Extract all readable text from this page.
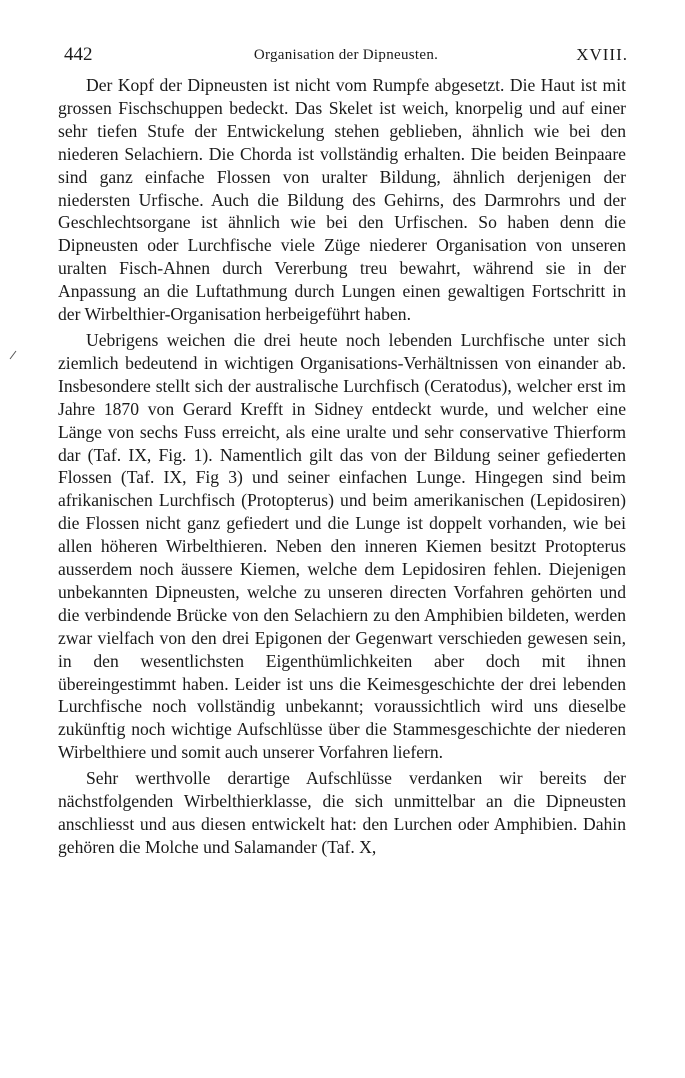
442	Organisation der Dipneusten.	XVIII.

Der Kopf der Dipneusten ist nicht vom Rumpfe abgesetzt. Die Haut ist mit grossen Fischschuppen bedeckt. Das Skelet ist weich, knorpelig und auf einer sehr tiefen Stufe der Entwickelung stehen geblieben, ähnlich wie bei den niederen Selachiern. Die Chorda ist vollständig erhalten. Die beiden Beinpaare sind ganz einfache Flossen von uralter Bildung, ähnlich derjenigen der niedersten Urfische. Auch die Bildung des Gehirns, des Darmrohrs und der Geschlechtsorgane ist ähnlich wie bei den Urfischen. So haben denn die Dipneusten oder Lurchfische viele Züge niederer Organisation von unseren uralten Fisch-Ahnen durch Vererbung treu bewahrt, während sie in der Anpassung an die Luftathmung durch Lungen einen gewaltigen Fortschritt in der Wirbelthier-Organisation herbeigeführt haben.

Uebrigens weichen die drei heute noch lebenden Lurchfische unter sich ziemlich bedeutend in wichtigen Organisations-Verhältnissen von einander ab. Insbesondere stellt sich der australische Lurchfisch (Ceratodus), welcher erst im Jahre 1870 von Gerard Krefft in Sidney entdeckt wurde, und welcher eine Länge von sechs Fuss erreicht, als eine uralte und sehr conservative Thierform dar (Taf. IX, Fig. 1). Namentlich gilt das von der Bildung seiner gefiederten Flossen (Taf. IX, Fig 3) und seiner einfachen Lunge. Hingegen sind beim afrikanischen Lurchfisch (Protopterus) und beim amerikanischen (Lepidosiren) die Flossen nicht ganz gefiedert und die Lunge ist doppelt vorhanden, wie bei allen höheren Wirbelthieren. Neben den inneren Kiemen besitzt Protopterus ausserdem noch äussere Kiemen, welche dem Lepidosiren fehlen. Diejenigen unbekannten Dipneusten, welche zu unseren directen Vorfahren gehörten und die verbindende Brücke von den Selachiern zu den Amphibien bildeten, werden zwar vielfach von den drei Epigonen der Gegenwart verschieden gewesen sein, in den wesentlichsten Eigenthümlichkeiten aber doch mit ihnen übereingestimmt haben. Leider ist uns die Keimesgeschichte der drei lebenden Lurchfische noch vollständig unbekannt; voraussichtlich wird uns dieselbe zukünftig noch wichtige Aufschlüsse über die Stammesgeschichte der niederen Wirbelthiere und somit auch unserer Vorfahren liefern.

Sehr werthvolle derartige Aufschlüsse verdanken wir bereits der nächstfolgenden Wirbelthierklasse, die sich unmittelbar an die Dipneusten anschliesst und aus diesen entwickelt hat: den Lurchen oder Amphibien. Dahin gehören die Molche und Salamander (Taf. X,
